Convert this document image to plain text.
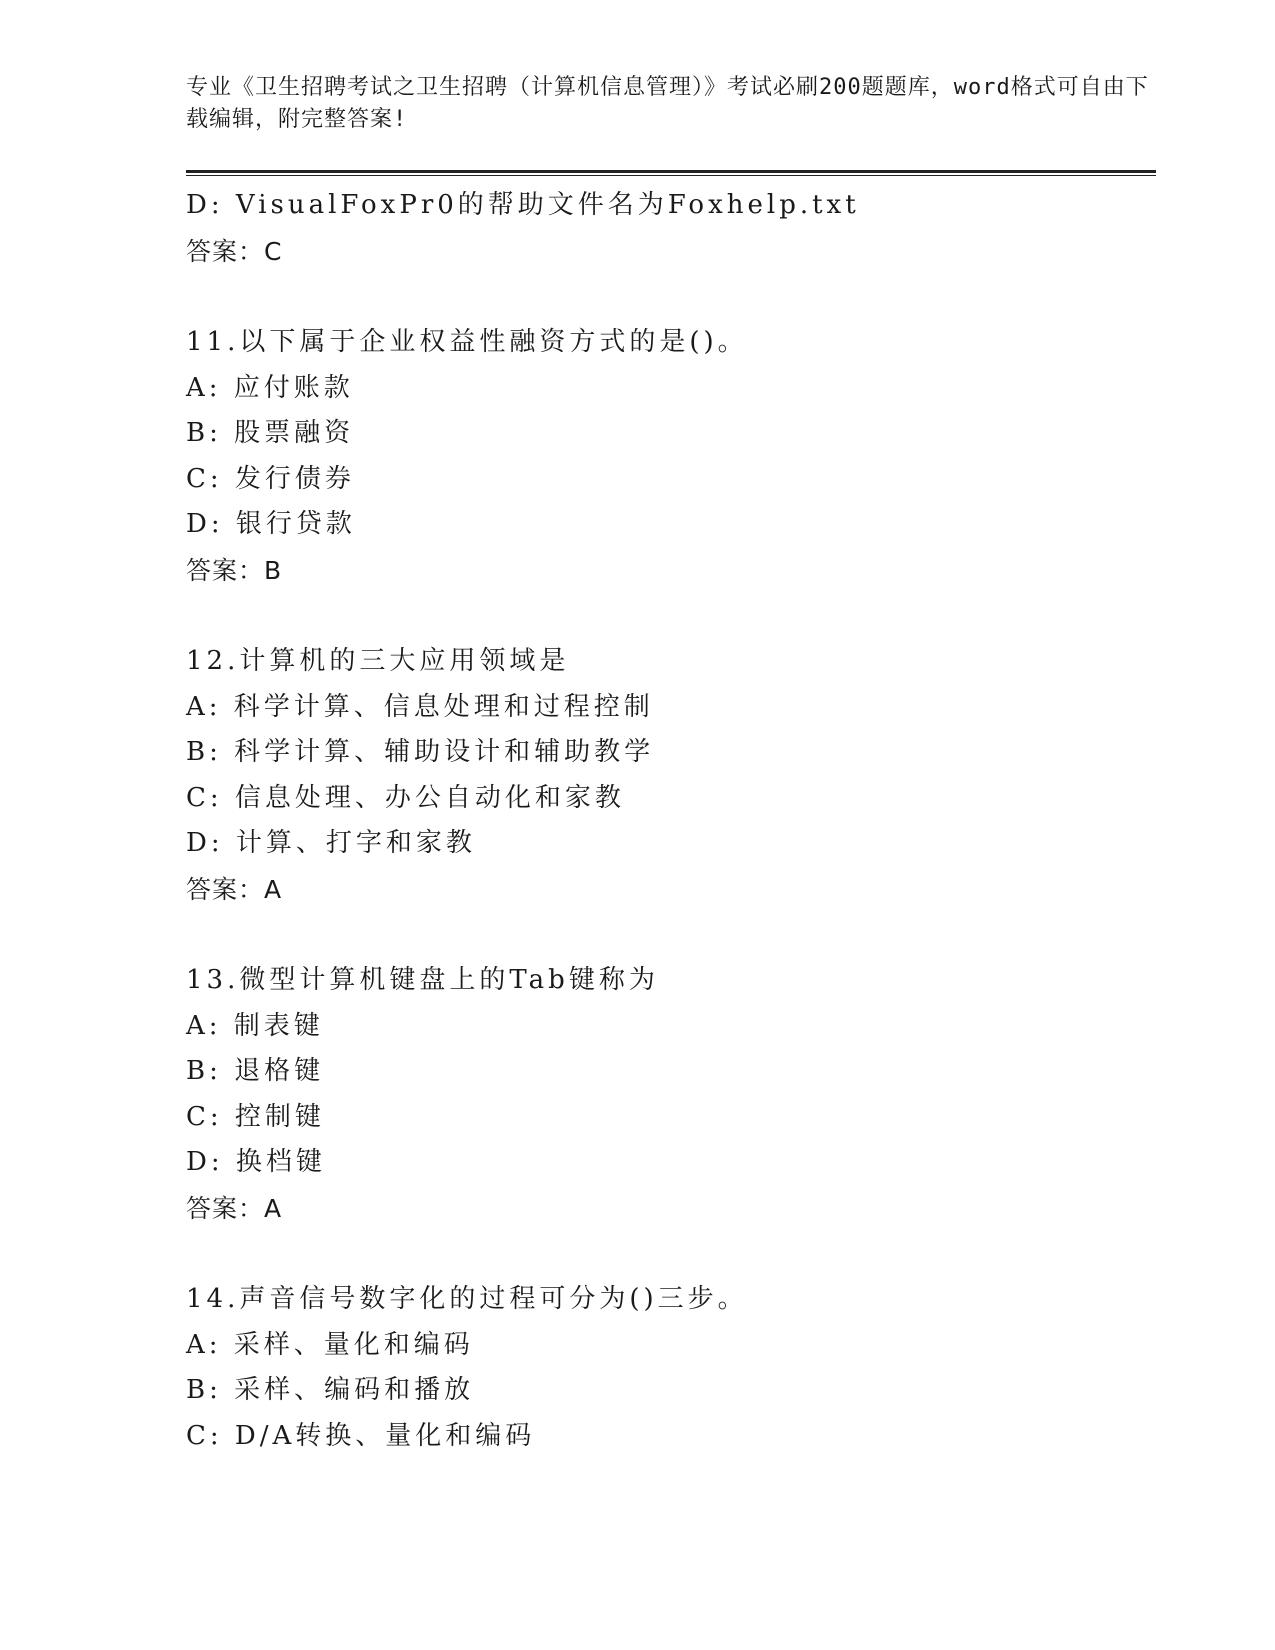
专业《卫生招聘考试之卫生招聘（计算机信息管理）》考试必刷200题题库，word格式可自由下载编辑，附完整答案!

D: VisualFoxPr0的帮助文件名为Foxhelp.txt
答案：C
11.以下属于企业权益性融资方式的是()。
A: 应付账款
B: 股票融资
C: 发行债券
D: 银行贷款
答案：B
12.计算机的三大应用领域是
A: 科学计算、信息处理和过程控制
B: 科学计算、辅助设计和辅助教学
C: 信息处理、办公自动化和家教
D: 计算、打字和家教
答案：A
13.微型计算机键盘上的Tab键称为
A: 制表键
B: 退格键
C: 控制键
D: 换档键
答案：A
14.声音信号数字化的过程可分为()三步。
A: 采样、量化和编码
B: 采样、编码和播放
C: D/A转换、量化和编码
